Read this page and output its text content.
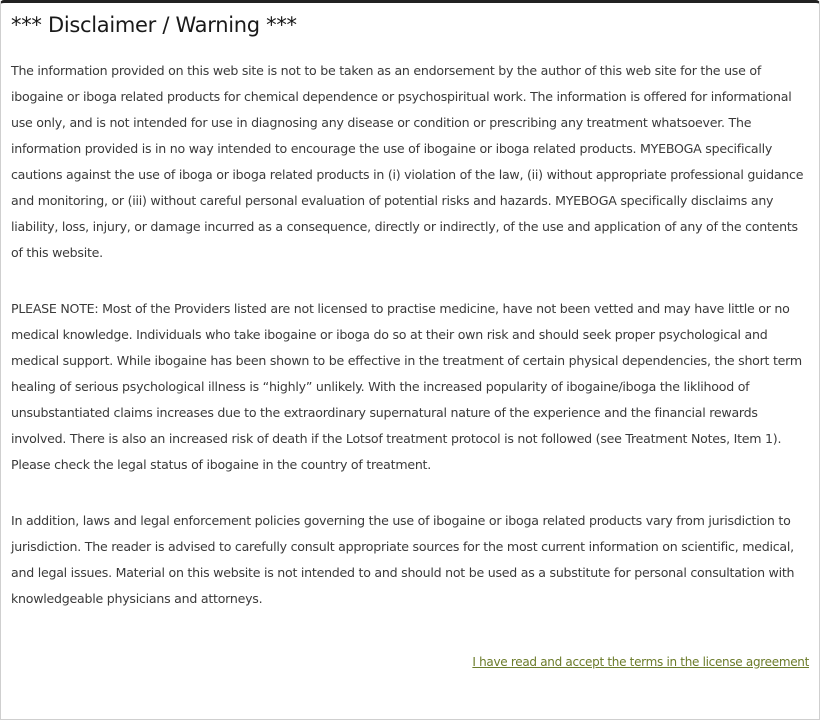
*** Disclaimer / Warning ***

The information provided on this web site is not to be taken as an endorsement by the author of this web site for the use of ibogaine or iboga related products for chemical dependence or psychospiritual work. The information is offered for informational use only, and is not intended for use in diagnosing any disease or condition or prescribing any treatment whatsoever. The information provided is in no way intended to encourage the use of ibogaine or iboga related products. MYEBOGA specifically cautions against the use of iboga or iboga related products in (i) violation of the law, (ii) without appropriate professional guidance and monitoring, or (iii) without careful personal evaluation of potential risks and hazards. MYEBOGA specifically disclaims any liability, loss, injury, or damage incurred as a consequence, directly or indirectly, of the use and application of any of the contents of this website.

PLEASE NOTE: Most of the Providers listed are not licensed to practise medicine, have not been vetted and may have little or no medical knowledge. Individuals who take ibogaine or iboga do so at their own risk and should seek proper psychological and medical support. While ibogaine has been shown to be effective in the treatment of certain physical dependencies, the short term healing of serious psychological illness is “highly” unlikely. With the increased popularity of ibogaine/iboga the liklihood of unsubstantiated claims increases due to the extraordinary supernatural nature of the experience and the financial rewards involved. There is also an increased risk of death if the Lotsof treatment protocol is not followed (see Treatment Notes, Item 1). Please check the legal status of ibogaine in the country of treatment.

In addition, laws and legal enforcement policies governing the use of ibogaine or iboga related products vary from jurisdiction to jurisdiction. The reader is advised to carefully consult appropriate sources for the most current information on scientific, medical, and legal issues. Material on this website is not intended to and should not be used as a substitute for personal consultation with knowledgeable physicians and attorneys.

I have read and accept the terms in the license agreement
